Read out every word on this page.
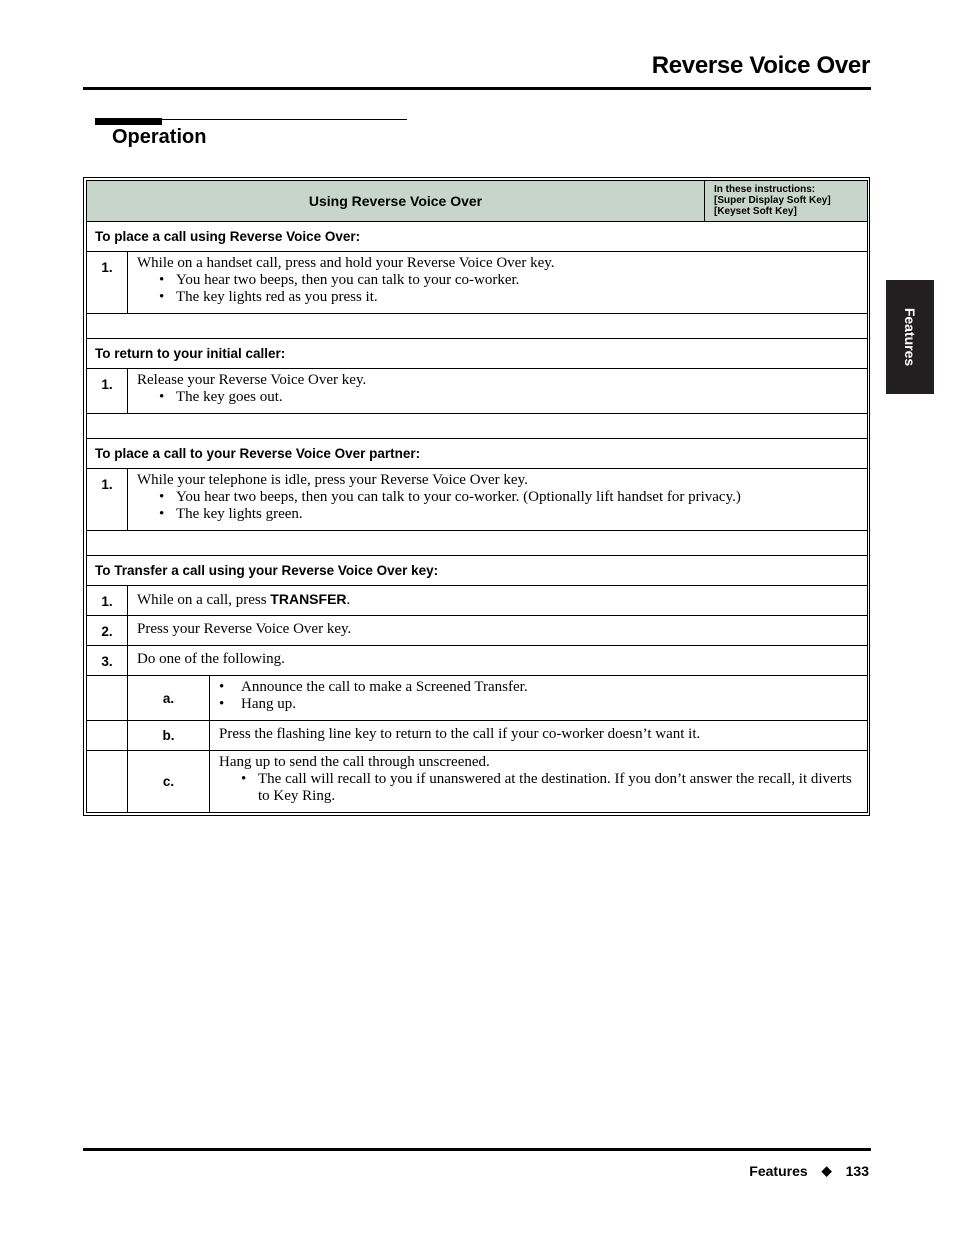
Reverse Voice Over
Operation
Features
Using Reverse Voice Over			In these instructions:
[Super Display Soft Key]
[Keyset Soft Key]

To place a call using Reverse Voice Over:			
1.	While on a handset call, press and hold your Reverse Voice Over key.
• You hear two beeps, then you can talk to your co-worker.
• The key lights red as you press it.

To return to your initial caller:			
1.	Release your Reverse Voice Over key.
• The key goes out.

To place a call to your Reverse Voice Over partner:			
1.	While your telephone is idle, press your Reverse Voice Over key.
• You hear two beeps, then you can talk to your co-worker. (Optionally lift handset for privacy.)
• The key lights green.

To Transfer a call using your Reverse Voice Over key:			
1.	While on a call, press TRANSFER.		
2.	Press your Reverse Voice Over key.		
3.	Do one of the following.		
	a.	• Announce the call to make a Screened Transfer.
• Hang up.

	b.	Press the flashing line key to return to the call if your co-worker doesn’t want it.	
	c.	Hang up to send the call through unscreened.
• The call will recall to you if unanswered at the destination. If you don’t answer the recall, it diverts to Key Ring.
Features ◆ 133
